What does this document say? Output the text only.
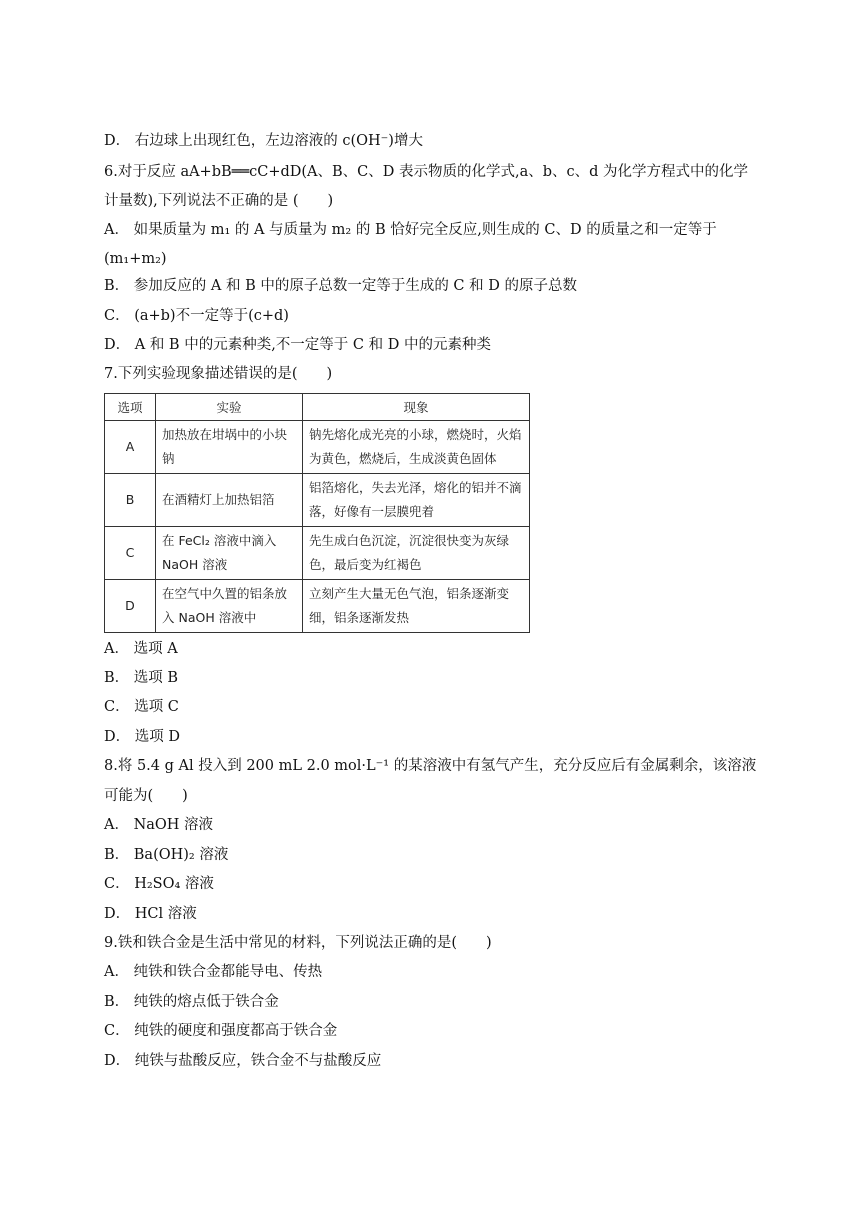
D． 右边球上出现红色，左边溶液的 c(OH⁻)增大
6.对于反应 aA+bB══cC+dD(A、B、C、D 表示物质的化学式,a、b、c、d 为化学方程式中的化学
计量数),下列说法不正确的是 (　　)
A． 如果质量为 m₁ 的 A 与质量为 m₂ 的 B 恰好完全反应,则生成的 C、D 的质量之和一定等于
(m₁+m₂)
B． 参加反应的 A 和 B 中的原子总数一定等于生成的 C 和 D 的原子总数
C． (a+b)不一定等于(c+d)
D． A 和 B 中的元素种类,不一定等于 C 和 D 中的元素种类
7.下列实验现象描述错误的是(　　)
选项	实验	现象
A	加热放在坩埚中的小块钠	钠先熔化成光亮的小球，燃烧时，火焰为黄色，燃烧后，生成淡黄色固体
B	在酒精灯上加热铝箔	铝箔熔化，失去光泽，熔化的铝并不滴落，好像有一层膜兜着
C	在 FeCl₂ 溶液中滴入 NaOH 溶液	先生成白色沉淀，沉淀很快变为灰绿色，最后变为红褐色
D	在空气中久置的铝条放入 NaOH 溶液中	立刻产生大量无色气泡，铝条逐渐变细，铝条逐渐发热
A． 选项 A
B． 选项 B
C． 选项 C
D． 选项 D
8.将 5.4 g Al 投入到 200 mL 2.0 mol·L⁻¹ 的某溶液中有氢气产生，充分反应后有金属剩余，该溶液
可能为(　　)
A． NaOH 溶液
B． Ba(OH)₂ 溶液
C． H₂SO₄ 溶液
D． HCl 溶液
9.铁和铁合金是生活中常见的材料，下列说法正确的是(　　)
A． 纯铁和铁合金都能导电、传热
B． 纯铁的熔点低于铁合金
C． 纯铁的硬度和强度都高于铁合金
D． 纯铁与盐酸反应，铁合金不与盐酸反应
